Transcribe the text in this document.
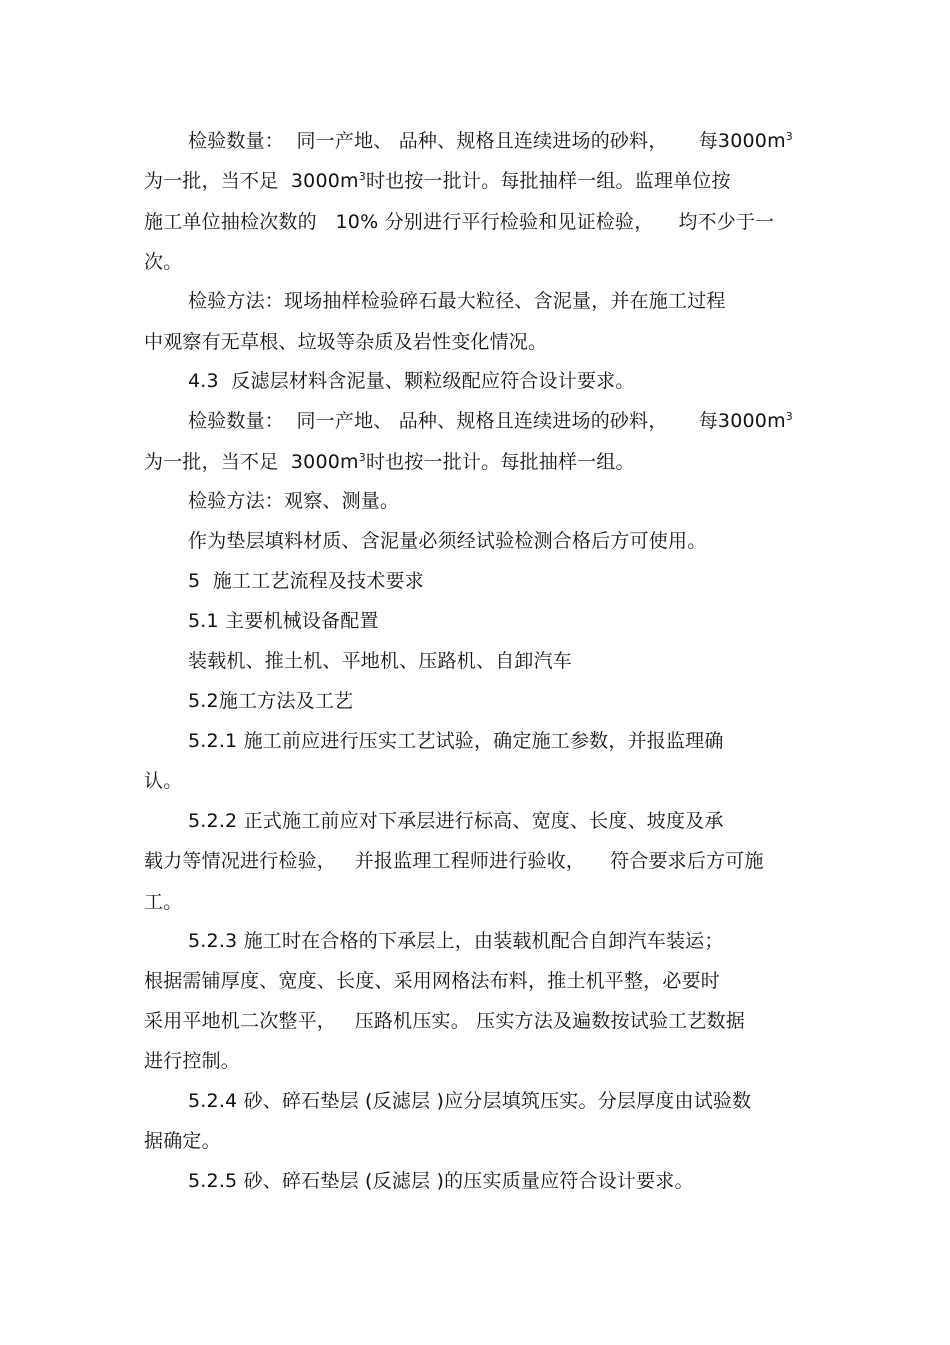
检验数量：  同一产地、 品种、规格且连续进场的砂料，     每$3000m^3$
为一批，当不足  $3000m^3$时也按一批计。每批抽样一组。监理单位按
施工单位抽检次数的   10% 分别进行平行检验和见证检验，    均不少于一
次。
检验方法：现场抽样检验碎石最大粒径、含泥量，并在施工过程
中观察有无草根、垃圾等杂质及岩性变化情况。
4.3  反滤层材料含泥量、颗粒级配应符合设计要求。
检验数量：  同一产地、 品种、规格且连续进场的砂料，     每$3000m^3$
为一批，当不足  $3000m^3$时也按一批计。每批抽样一组。
检验方法：观察、测量。
作为垫层填料材质、含泥量必须经试验检测合格后方可使用。
5  施工工艺流程及技术要求
5.1 主要机械设备配置
装载机、推土机、平地机、压路机、自卸汽车
5.2施工方法及工艺
5.2.1 施工前应进行压实工艺试验，确定施工参数，并报监理确
认。
5.2.2 正式施工前应对下承层进行标高、宽度、长度、坡度及承
载力等情况进行检验，   并报监理工程师进行验收，    符合要求后方可施
工。
5.2.3 施工时在合格的下承层上，由装载机配合自卸汽车装运；
根据需铺厚度、宽度、长度、采用网格法布料，推土机平整，必要时
采用平地机二次整平，   压路机压实。 压实方法及遍数按试验工艺数据
进行控制。
5.2.4 砂、碎石垫层 (反滤层 )应分层填筑压实。分层厚度由试验数
据确定。
5.2.5 砂、碎石垫层 (反滤层 )的压实质量应符合设计要求。
